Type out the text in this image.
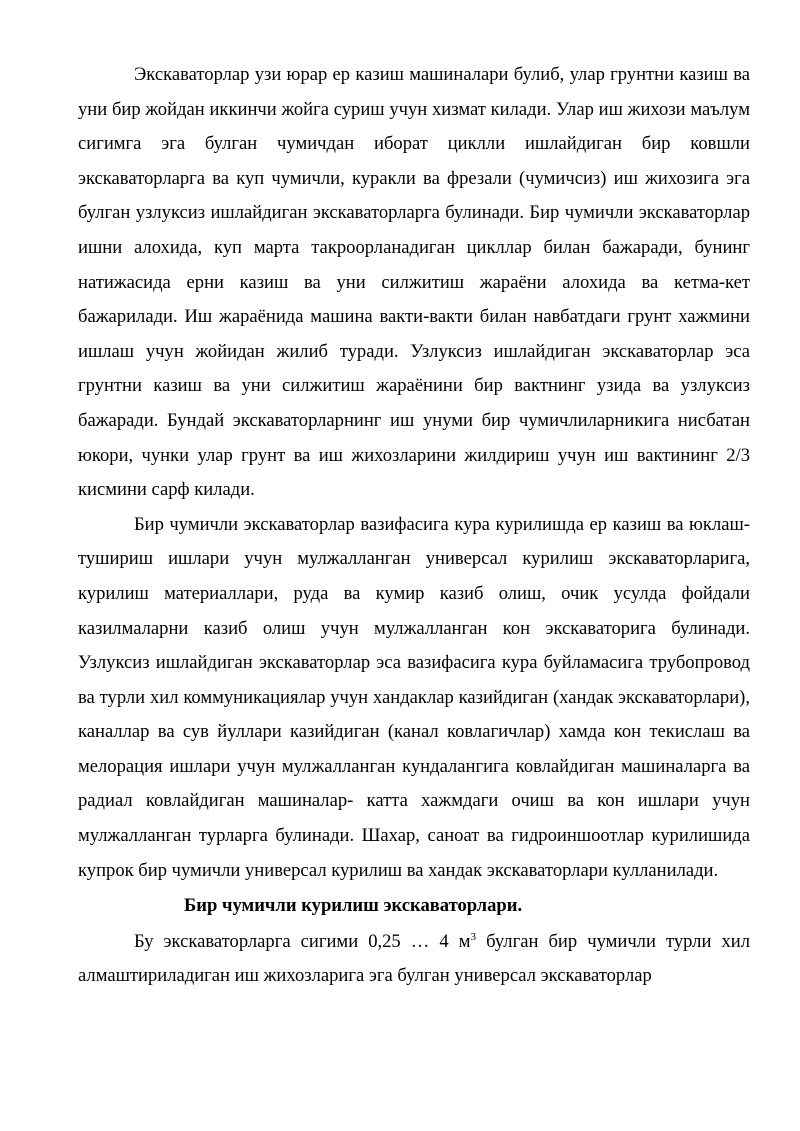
Экскаваторлар узи юрар ер казиш машиналари булиб, улар грунтни казиш ва уни бир жойдан иккинчи жойга суриш учун хизмат килади. Улар иш жихози маълум сигимга эга булган чумичдан иборат циклли ишлайдиган бир ковшли экскаваторларга ва куп чумичли, куракли ва фрезали (чумичсиз) иш жихозига эга булган узлуксиз ишлайдиган экскаваторларга булинади. Бир чумичли экскаваторлар ишни алохида, куп марта такроорланадиган цикллар билан бажаради, бунинг натижасида ерни казиш ва уни силжитиш жараёни алохида ва кетма-кет бажарилади. Иш жараёнида машина вакти-вакти билан навбатдаги грунт хажмини ишлаш учун жойидан жилиб туради. Узлуксиз ишлайдиган экскаваторлар эса грунтни казиш ва уни силжитиш жараёнини бир вактнинг узида ва узлуксиз бажаради. Бундай экскаваторларнинг иш унуми бир чумичлиларникига нисбатан юкори, чунки улар грунт ва иш жихозларини жилдириш учун иш вактининг 2/3 кисмини сарф килади.

Бир чумичли экскаваторлар вазифасига кура курилишда ер казиш ва юклаш-тушириш ишлари учун мулжалланган универсал курилиш экскаваторларига, курилиш материаллари, руда ва кумир казиб олиш, очик усулда фойдали казилмаларни казиб олиш учун мулжалланган кон экскаваторига булинади. Узлуксиз ишлайдиган экскаваторлар эса вазифасига кура буйламасига трубопровод ва турли хил коммуникациялар учун хандаклар казийдиган (хандак экскаваторлари), каналлар ва сув йуллари казийдиган (канал ковлагичлар) хамда кон текислаш ва мелорация ишлари учун мулжалланган кундалангига ковлайдиган машиналарга ва радиал ковлайдиган машиналар- катта хажмдаги очиш ва кон ишлари учун мулжалланган турларга булинади. Шахар, саноат ва гидроиншоотлар курилишида купрок бир чумичли универсал курилиш ва хандак экскаваторлари кулланилади.

Бир чумичли курилиш экскаваторлари.

Бу экскаваторларга сигими 0,25 … 4 $м^3$ булган бир чумичли турли хил алмаштириладиган иш жихозларига эга булган универсал экскаваторлар
